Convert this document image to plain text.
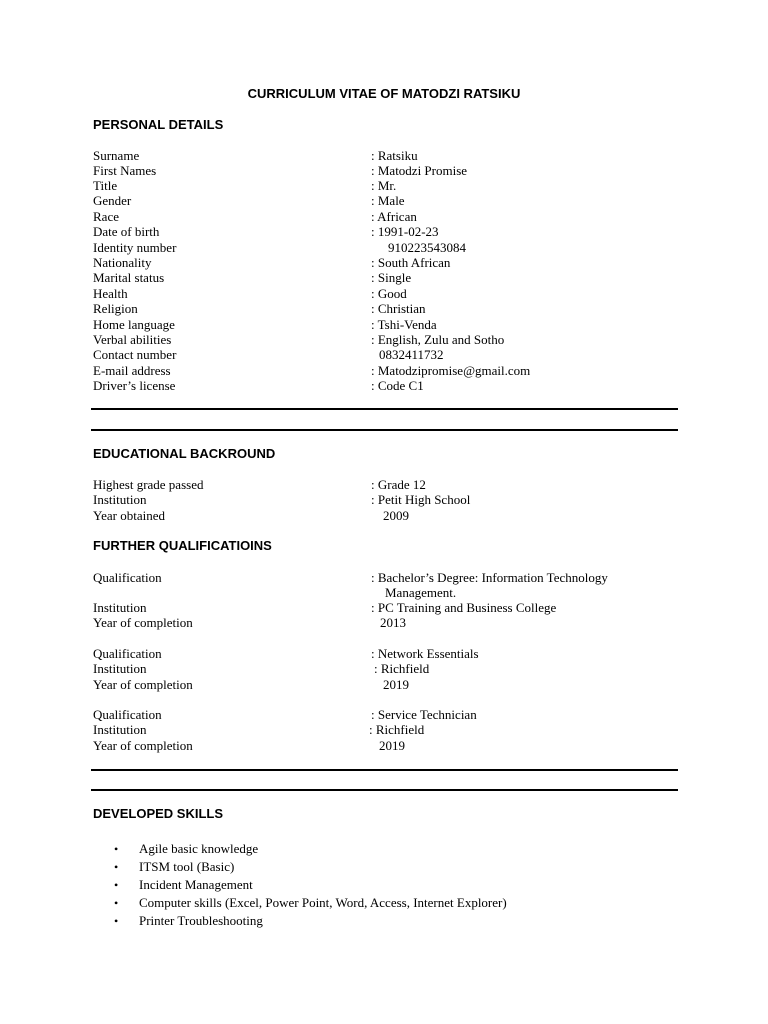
CURRICULUM VITAE OF MATODZI RATSIKU
PERSONAL DETAILS
Surname	: Ratsiku
First Names	: Matodzi Promise
Title	: Mr.
Gender	: Male
Race	: African
Date of birth	: 1991-02-23
Identity number	910223543084
Nationality	: South African
Marital status	: Single
Health	: Good
Religion	: Christian
Home language	: Tshi-Venda
Verbal abilities	: English, Zulu and Sotho
Contact number	0832411732
E-mail address	: Matodzipromise@gmail.com
Driver’s license	: Code C1
EDUCATIONAL BACKROUND
Highest grade passed	: Grade 12
Institution	: Petit High School
Year obtained	2009
FURTHER QUALIFICATIOINS
Qualification	: Bachelor’s Degree: Information Technology
Management.
Institution	: PC Training and Business College
Year of completion	2013
Qualification	: Network Essentials
Institution	: Richfield
Year of completion	2019
Qualification	: Service Technician
Institution	: Richfield
Year of completion	2019
DEVELOPED SKILLS
• Agile basic knowledge
• ITSM tool (Basic)
• Incident Management
• Computer skills (Excel, Power Point, Word, Access, Internet Explorer)
• Printer Troubleshooting
